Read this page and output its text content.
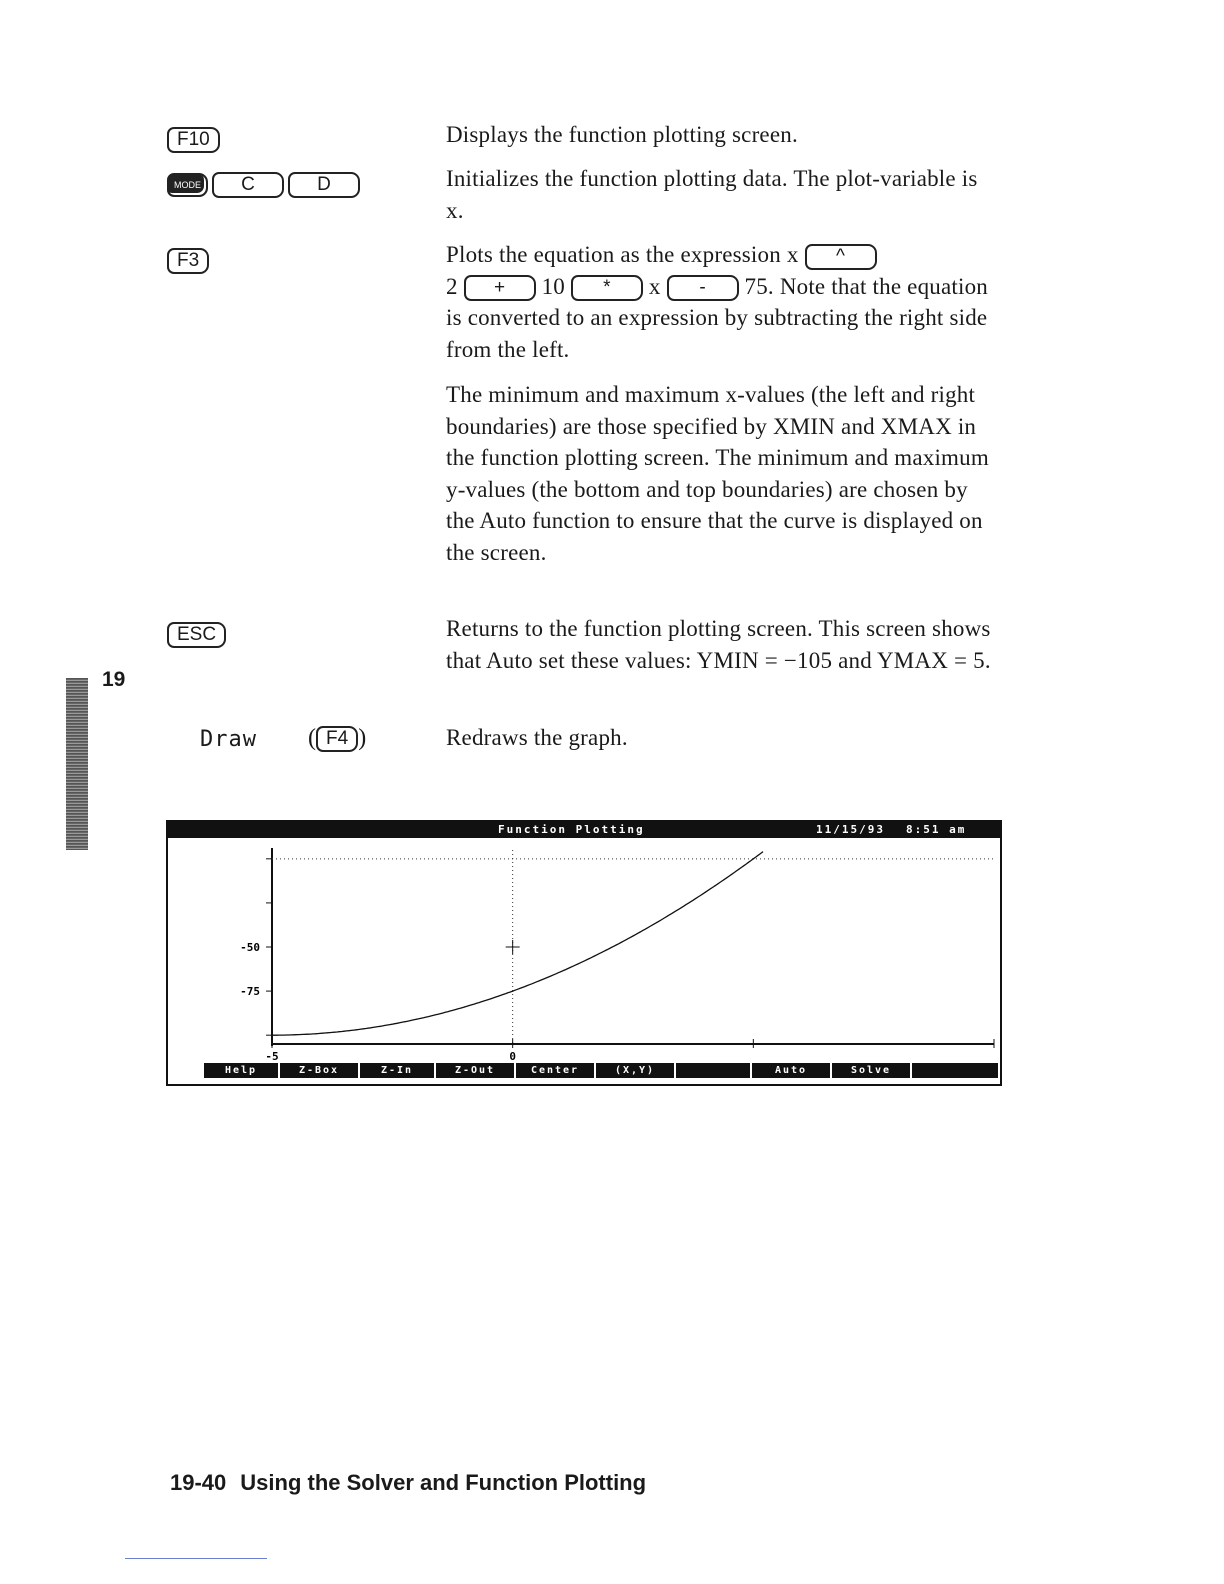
19
F10	Displays the function plotting screen.

MODE C	D	Initializes the function plotting data. The plot-variable is x.

F3	Plots the equation as the expression x ^
2 + 10 * x - 75. Note that the equation is converted to an expression by subtracting the right side from the left.

The minimum and maximum x-values (the left and right boundaries) are those specified by XMIN and XMAX in the function plotting screen. The minimum and maximum y-values (the bottom and top boundaries) are chosen by the Auto function to ensure that the curve is displayed on the screen.

ESC	Returns to the function plotting screen. This screen shows that Auto set these values: YMIN = −105 and YMAX = 5.

Draw ( F4 )	Redraws the graph.

Function Plotting	11/15/93 8:51 am
-50
-75
-5	0
Help	Z-Box	Z-In	Z-Out	Center	(X,Y)	Auto	Solve
19-40 Using the Solver and Function Plotting
